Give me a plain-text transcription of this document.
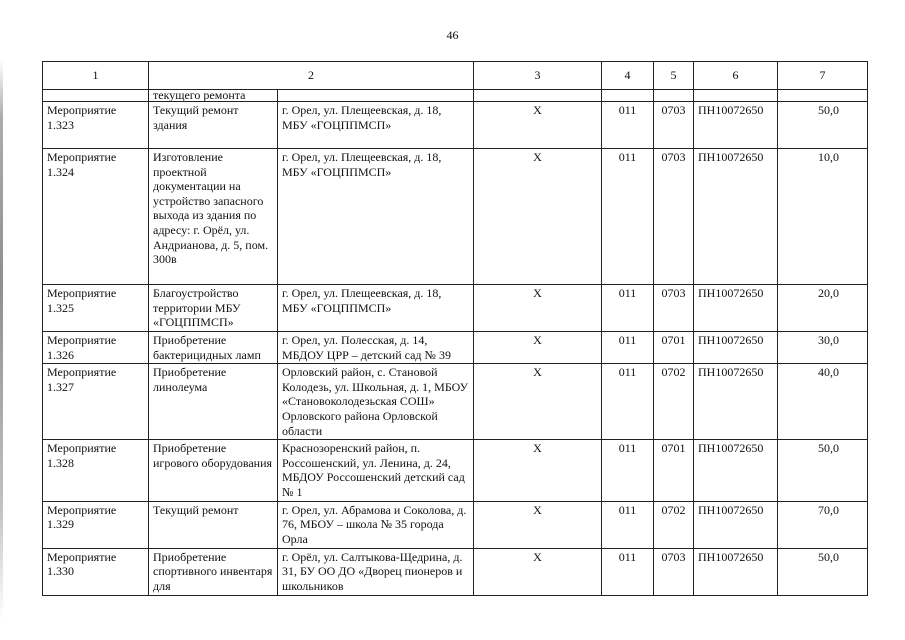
46
1	2		3	4	5	6	7
	текущего ремонта						
Мероприятие 1.323	Текущий ремонт здания	г. Орел, ул. Плещеевская, д. 18, МБУ «ГОЦППМСП»	Х	011	0703	ПН10072650	50,0
Мероприятие 1.324	Изготовление проектной документации на устройство запасного выхода из здания по адресу: г. Орёл, ул. Андрианова, д. 5, пом. 300в	г. Орел, ул. Плещеевская, д. 18, МБУ «ГОЦППМСП»	Х	011	0703	ПН10072650	10,0
Мероприятие 1.325	Благоустройство территории МБУ «ГОЦППМСП»	г. Орел, ул. Плещеевская, д. 18, МБУ «ГОЦППМСП»	Х	011	0703	ПН10072650	20,0
Мероприятие 1.326	Приобретение бактерицидных ламп	г. Орел, ул. Полесская, д. 14, МБДОУ ЦРР – детский сад № 39	Х	011	0701	ПН10072650	30,0
Мероприятие 1.327	Приобретение линолеума	Орловский район, с. Становой Колодезь, ул. Школьная, д. 1, МБОУ «Становоколодезьская СОШ» Орловского района Орловской области	Х	011	0702	ПН10072650	40,0
Мероприятие 1.328	Приобретение игрового оборудования	Краснозоренский район, п. Россошенский, ул. Ленина, д. 24, МБДОУ Россошенский детский сад № 1	Х	011	0701	ПН10072650	50,0
Мероприятие 1.329	Текущий ремонт	г. Орел, ул. Абрамова и Соколова, д. 76, МБОУ – школа № 35 города Орла	Х	011	0702	ПН10072650	70,0
Мероприятие 1.330	Приобретение спортивного инвентаря для	г. Орёл, ул. Салтыкова-Щедрина, д. 31, БУ ОО ДО «Дворец пионеров и школьников	Х	011	0703	ПН10072650	50,0
